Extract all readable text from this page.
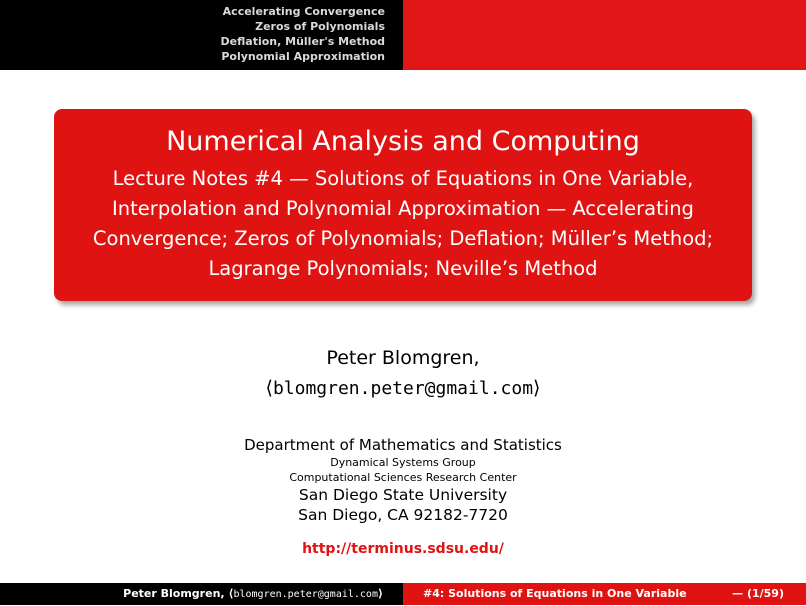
Accelerating Convergence
Zeros of Polynomials
Deflation, Müller's Method
Polynomial Approximation
Numerical Analysis and Computing
Lecture Notes #4 — Solutions of Equations in One Variable,
Interpolation and Polynomial Approximation — Accelerating
Convergence; Zeros of Polynomials; Deflation; Müller’s Method;
Lagrange Polynomials; Neville’s Method
Peter Blomgren,
⟨blomgren.peter@gmail.com⟩
Department of Mathematics and Statistics
Dynamical Systems Group
Computational Sciences Research Center
San Diego State University
San Diego, CA 92182-7720
http://terminus.sdsu.edu/
Peter Blomgren, ⟨blomgren.peter@gmail.com⟩	#4: Solutions of Equations in One Variable	— (1/59)
